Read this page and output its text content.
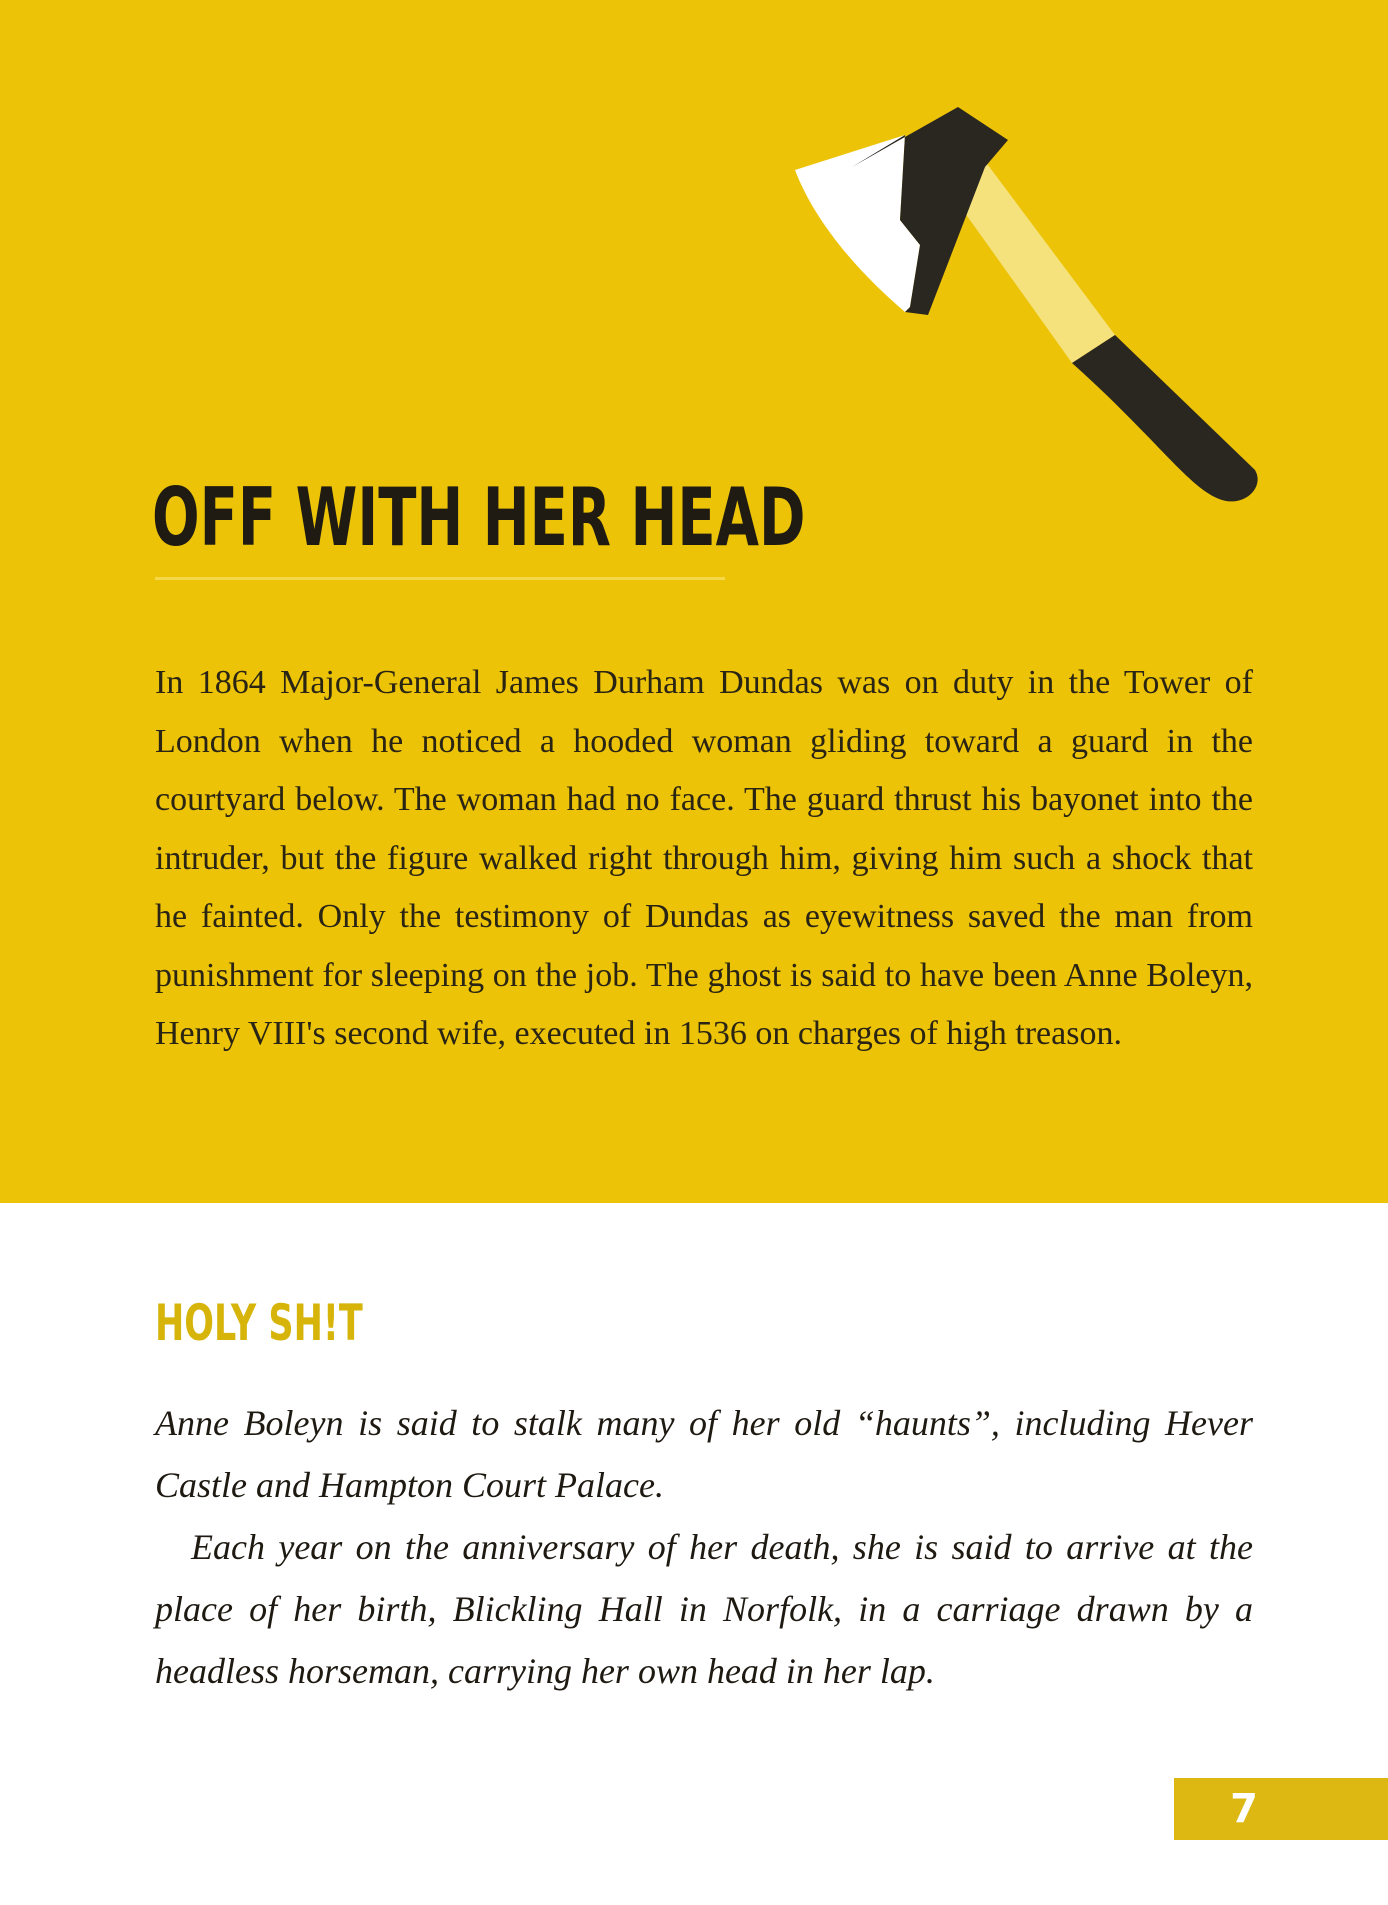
OFF WITH HER HEAD

In 1864 Major-General James Durham Dundas was on duty in the Tower of London when he noticed a hooded woman gliding toward a guard in the courtyard below. The woman had no face. The guard thrust his bayonet into the intruder, but the figure walked right through him, giving him such a shock that he fainted. Only the testimony of Dundas as eyewitness saved the man from punishment for sleeping on the job. The ghost is said to have been Anne Boleyn, Henry VIII's second wife, executed in 1536 on charges of high treason.

HOLY SH!T

Anne Boleyn is said to stalk many of her old “haunts”, including Hever Castle and Hampton Court Palace.

Each year on the anniversary of her death, she is said to arrive at the place of her birth, Blickling Hall in Norfolk, in a carriage drawn by a headless horseman, carrying her own head in her lap.

7
